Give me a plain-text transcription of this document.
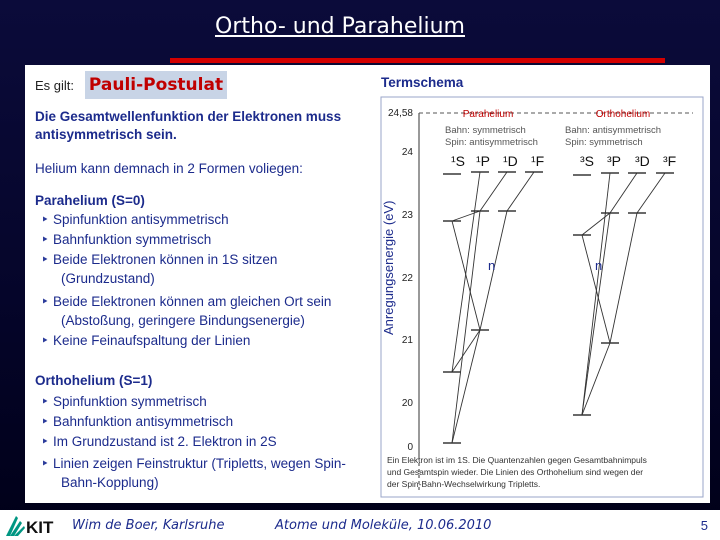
Ortho- und Parahelium
Es gilt: Pauli-Postulat
Die Gesamtwellenfunktion der Elektronen muss
antisymmetrisch sein.
Helium kann demnach in 2 Formen voliegen:
Parahelium (S=0)
‣ Spinfunktion antisymmetrisch
‣ Bahnfunktion symmetrisch
‣ Beide Elektronen können in 1S sitzen
(Grundzustand)
‣ Beide Elektronen können am gleichen Ort sein
(Abstoßung, geringere Bindungsenergie)
‣ Keine Feinaufspaltung der Linien
Orthohelium (S=1)
‣ Spinfunktion symmetrisch
‣ Bahnfunktion antisymmetrisch
‣ Im Grundzustand ist 2. Elektron in 2S
‣ Linien zeigen Feinstruktur (Tripletts, wegen Spin-
Bahn-Kopplung)
Termschema
Anregungsenergie (eV)
24,58
24
23
22
21
20
0
Parahelium	Orthohelium
Bahn: symmetrisch
Spin: antisymmetrisch
Bahn: antisymmetrisch
Spin: symmetrisch
¹S ¹P ¹D ¹F	³S ³P ³D ³F
n	n
Ein Elektron ist im 1S. Die Quantenzahlen gegen Gesamtbahnimpuls
und Gesamtspin wieder. Die Linien des Orthohelium sind wegen der
der Spin-Bahn-Wechselwirkung Tripletts.
KIT Wim de Boer, Karlsruhe	Atome und Moleküle, 10.06.2010	5
